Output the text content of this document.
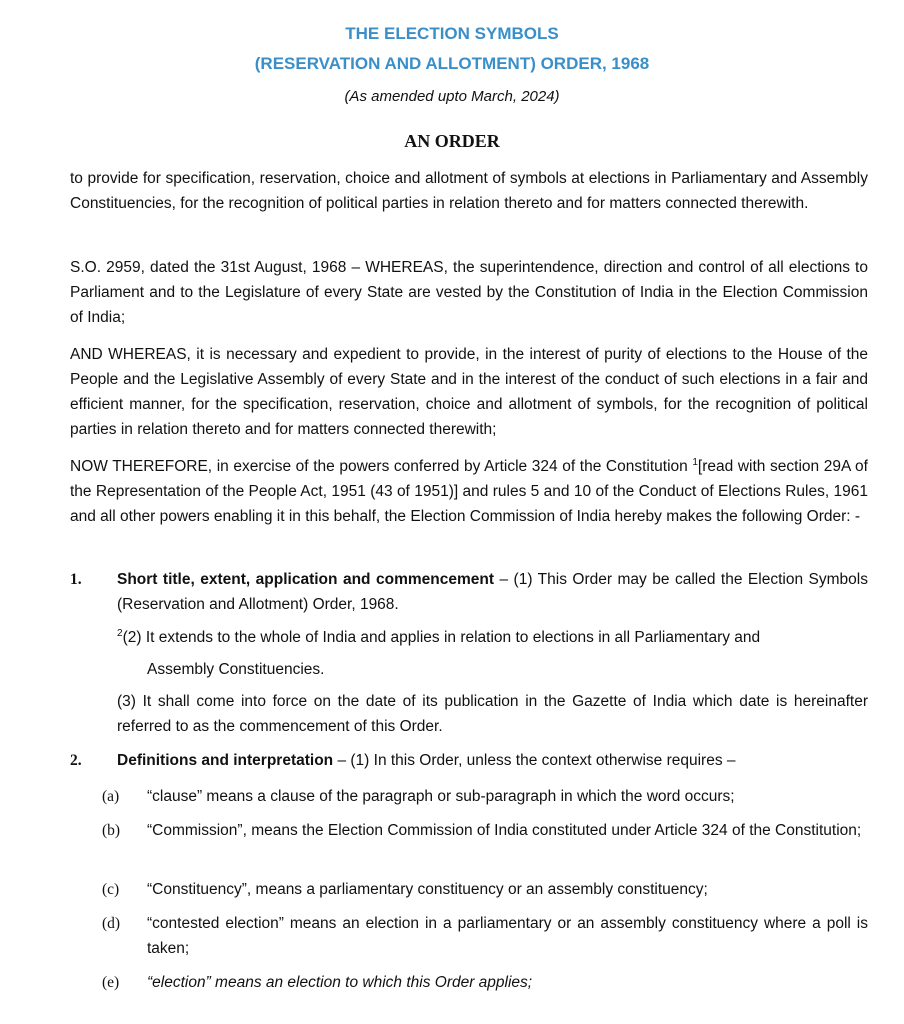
THE ELECTION SYMBOLS
(RESERVATION AND ALLOTMENT) ORDER, 1968
(As amended upto March, 2024)
AN ORDER
to provide for specification, reservation, choice and allotment of symbols at elections in Parliamentary and Assembly Constituencies, for the recognition of political parties in relation thereto and for matters connected therewith.
S.O. 2959, dated the 31st August, 1968 – WHEREAS, the superintendence, direction and control of all elections to Parliament and to the Legislature of every State are vested by the Constitution of India in the Election Commission of India;
AND WHEREAS, it is necessary and expedient to provide, in the interest of purity of elections to the House of the People and the Legislative Assembly of every State and in the interest of the conduct of such elections in a fair and efficient manner, for the specification, reservation, choice and allotment of symbols, for the recognition of political parties in relation thereto and for matters connected therewith;
NOW THEREFORE, in exercise of the powers conferred by Article 324 of the Constitution $^1$[read with section 29A of the Representation of the People Act, 1951 (43 of 1951)] and rules 5 and 10 of the Conduct of Elections Rules, 1961 and all other powers enabling it in this behalf, the Election Commission of India hereby makes the following Order: -
1. Short title, extent, application and commencement – (1) This Order may be called the Election Symbols (Reservation and Allotment) Order, 1968.
$^2$(2) It extends to the whole of India and applies in relation to elections in all Parliamentary and
Assembly Constituencies.
(3) It shall come into force on the date of its publication in the Gazette of India which date is hereinafter referred to as the commencement of this Order.
2. Definitions and interpretation – (1) In this Order, unless the context otherwise requires –
(a) “clause” means a clause of the paragraph or sub-paragraph in which the word occurs;
(b) “Commission”, means the Election Commission of India constituted under Article 324 of the Constitution;
(c) “Constituency”, means a parliamentary constituency or an assembly constituency;
(d) “contested election” means an election in a parliamentary or an assembly constituency where a poll is taken;
(e) “election” means an election to which this Order applies;
